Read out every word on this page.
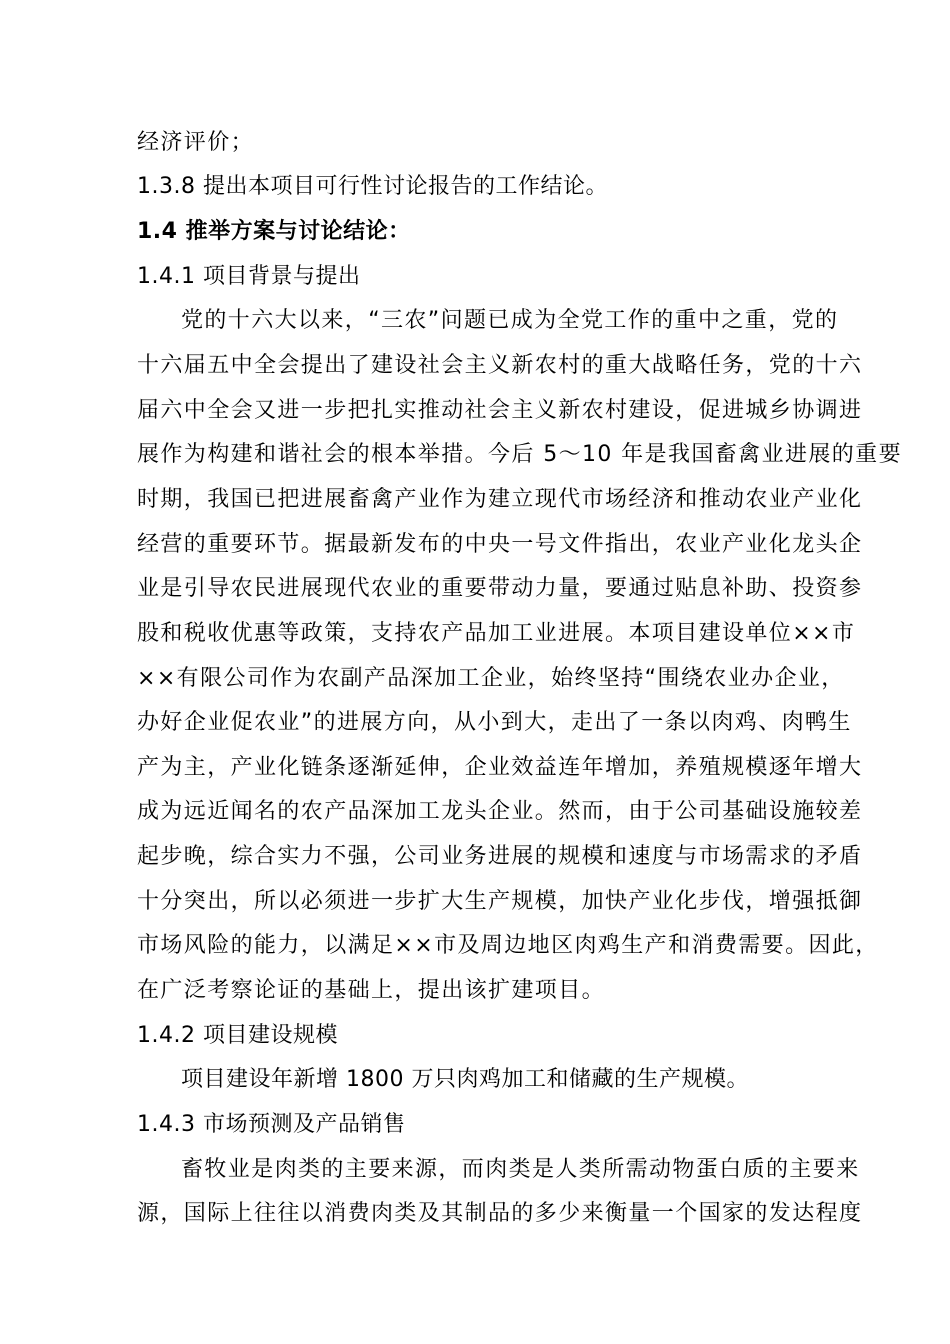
经济评价；
1.3.8 提出本项目可行性讨论报告的工作结论。
1.4 推举方案与讨论结论：
1.4.1 项目背景与提出
党的十六大以来，“三农”问题已成为全党工作的重中之重，党的
十六届五中全会提出了建设社会主义新农村的重大战略任务，党的十六
届六中全会又进一步把扎实推动社会主义新农村建设，促进城乡协调进
展作为构建和谐社会的根本举措。今后 5～10 年是我国畜禽业进展的重要
时期，我国已把进展畜禽产业作为建立现代市场经济和推动农业产业化
经营的重要环节。据最新发布的中央一号文件指出，农业产业化龙头企
业是引导农民进展现代农业的重要带动力量，要通过贴息补助、投资参
股和税收优惠等政策，支持农产品加工业进展。本项目建设单位××市
××有限公司作为农副产品深加工企业，始终坚持“围绕农业办企业，
办好企业促农业”的进展方向，从小到大，走出了一条以肉鸡、肉鸭生
产为主，产业化链条逐渐延伸，企业效益连年增加，养殖规模逐年增大
成为远近闻名的农产品深加工龙头企业。然而，由于公司基础设施较差
起步晚，综合实力不强，公司业务进展的规模和速度与市场需求的矛盾
十分突出，所以必须进一步扩大生产规模，加快产业化步伐，增强抵御
市场风险的能力，以满足××市及周边地区肉鸡生产和消费需要。因此，
在广泛考察论证的基础上，提出该扩建项目。
1.4.2 项目建设规模
项目建设年新增 1800 万只肉鸡加工和储藏的生产规模。
1.4.3 市场预测及产品销售
畜牧业是肉类的主要来源，而肉类是人类所需动物蛋白质的主要来
源，国际上往往以消费肉类及其制品的多少来衡量一个国家的发达程度
